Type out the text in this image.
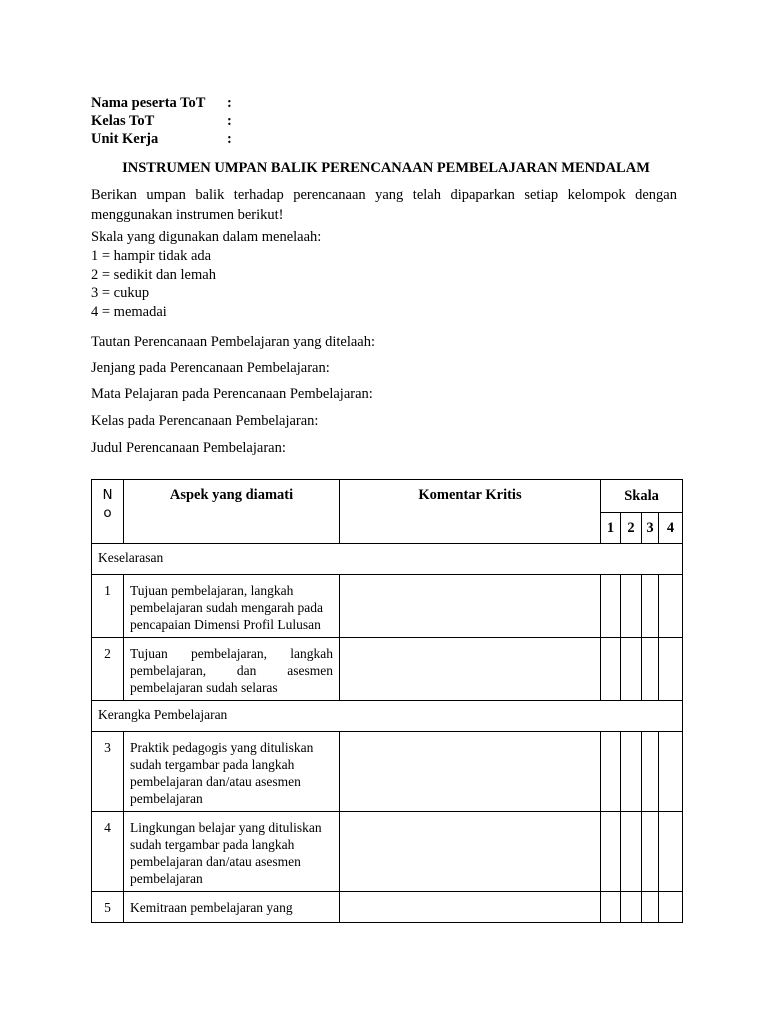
Nama peserta ToT	:
Kelas ToT	:
Unit Kerja	:
INSTRUMEN UMPAN BALIK PERENCANAAN PEMBELAJARAN MENDALAM

Berikan umpan balik terhadap perencanaan yang telah dipaparkan setiap kelompok dengan menggunakan instrumen berikut!

Skala yang digunakan dalam menelaah:
1 = hampir tidak ada
2 = sedikit dan lemah
3 = cukup
4 = memadai
Tautan Perencanaan Pembelajaran yang ditelaah:
Jenjang pada Perencanaan Pembelajaran:
Mata Pelajaran pada Perencanaan Pembelajaran:
Kelas pada Perencanaan Pembelajaran:
Judul Perencanaan Pembelajaran:
N
o	Aspek yang diamati	Komentar Kritis	Skala			
			1	2	3	4
Keselarasan						
1	Tujuan pembelajaran, langkah pembelajaran sudah mengarah pada pencapaian Dimensi Profil Lulusan					
2	Tujuan pembelajaran, langkah pembelajaran, dan asesmen pembelajaran sudah selaras					
Kerangka Pembelajaran						
3	Praktik pedagogis yang dituliskan sudah tergambar pada langkah pembelajaran dan/atau asesmen pembelajaran					
4	Lingkungan belajar yang dituliskan sudah tergambar pada langkah pembelajaran dan/atau asesmen pembelajaran					
5	Kemitraan pembelajaran yang					
